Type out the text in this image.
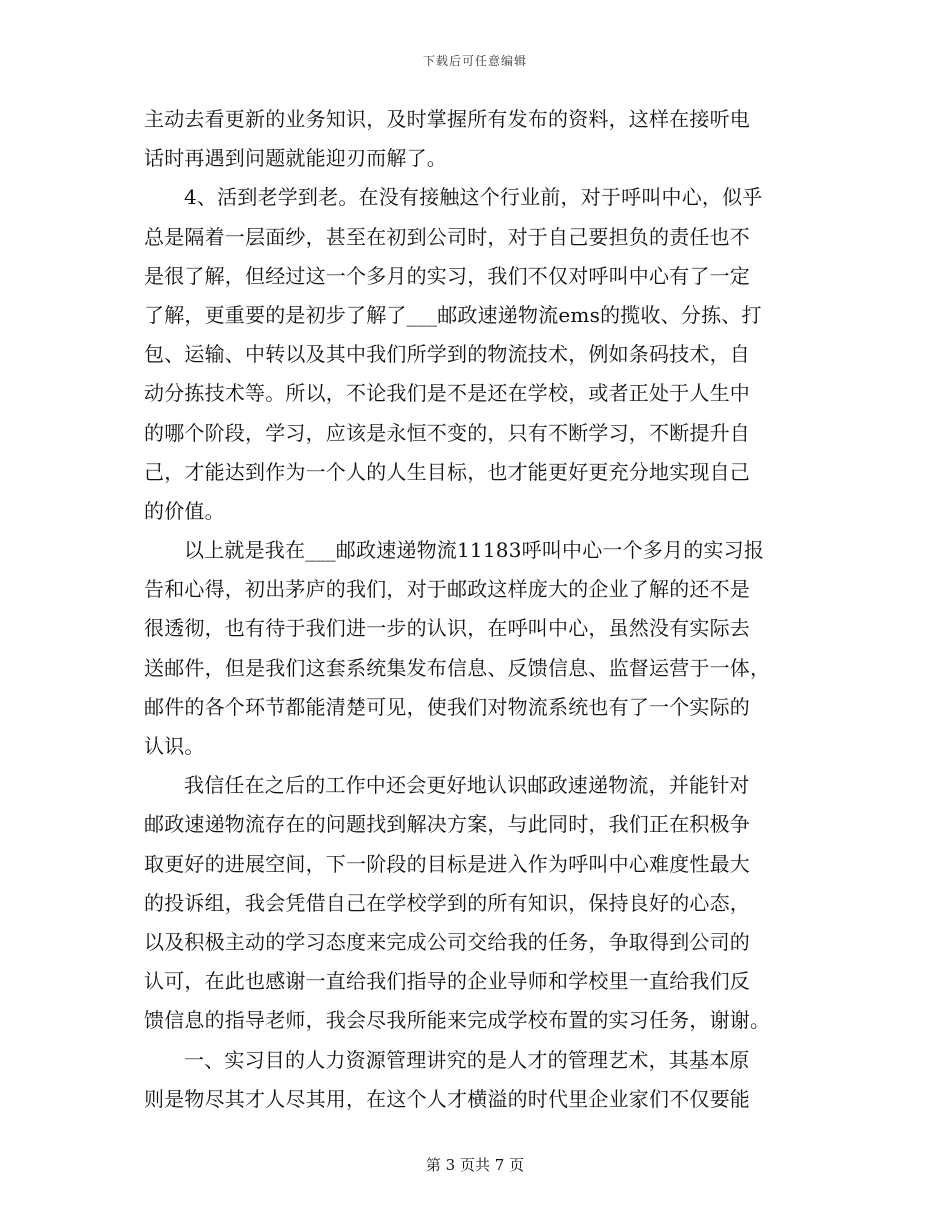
下载后可任意编辑
主动去看更新的业务知识，及时掌握所有发布的资料，这样在接听电
话时再遇到问题就能迎刃而解了。
4、活到老学到老。在没有接触这个行业前，对于呼叫中心，似乎
总是隔着一层面纱，甚至在初到公司时，对于自己要担负的责任也不
是很了解，但经过这一个多月的实习，我们不仅对呼叫中心有了一定
了解，更重要的是初步了解了___邮政速递物流ems的揽收、分拣、打
包、运输、中转以及其中我们所学到的物流技术，例如条码技术，自
动分拣技术等。所以，不论我们是不是还在学校，或者正处于人生中
的哪个阶段，学习，应该是永恒不变的，只有不断学习，不断提升自
己，才能达到作为一个人的人生目标，也才能更好更充分地实现自己
的价值。
以上就是我在___邮政速递物流11183呼叫中心一个多月的实习报
告和心得，初出茅庐的我们，对于邮政这样庞大的企业了解的还不是
很透彻，也有待于我们进一步的认识，在呼叫中心，虽然没有实际去
送邮件，但是我们这套系统集发布信息、反馈信息、监督运营于一体，
邮件的各个环节都能清楚可见，使我们对物流系统也有了一个实际的
认识。
我信任在之后的工作中还会更好地认识邮政速递物流，并能针对
邮政速递物流存在的问题找到解决方案，与此同时，我们正在积极争
取更好的进展空间，下一阶段的目标是进入作为呼叫中心难度性最大
的投诉组，我会凭借自己在学校学到的所有知识，保持良好的心态，
以及积极主动的学习态度来完成公司交给我的任务，争取得到公司的
认可，在此也感谢一直给我们指导的企业导师和学校里一直给我们反
馈信息的指导老师，我会尽我所能来完成学校布置的实习任务，谢谢。
一、实习目的人力资源管理讲究的是人才的管理艺术，其基本原
则是物尽其才人尽其用，在这个人才横溢的时代里企业家们不仅要能
第 3 页共 7 页
